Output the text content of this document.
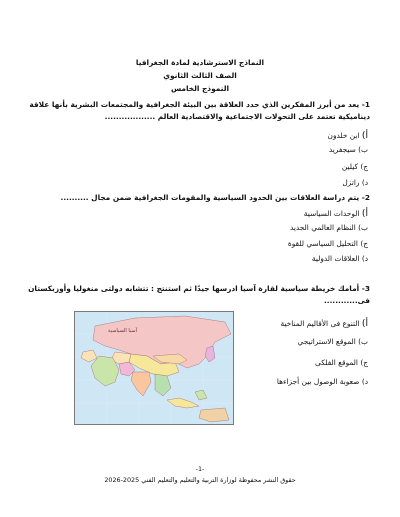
النماذج الاسترشادية لمادة الجغرافيا
الصف الثالث الثانوي
النموذج الخامس
1- يعد من أبرز المفكرين الذي حدد العلاقة بين البيئة الجغرافية والمجتمعات البشرية بأنها علاقة ديناميكية تعتمد على التحولات الاجتماعية والاقتصادية العالم ..................
أ) ابن خلدون
ب) سيجفريد
ج) كيلين
د) راتزل
2- يتم دراسة العلاقات بين الحدود السياسية والمقومات الجغرافية ضمن مجال ..........
أ) الوحدات السياسية
ب) النظام العالمي الجديد
ج) التحليل السياسي للقوة
د) العلاقات الدولية
3- أمامك خريطة سياسية لقارة آسيا ادرسها جيدًا ثم استنتج : تتشابه دولتى منغوليا وأوزبكستان فى............
آسيا السياسية
أ) التنوع فى الأقاليم المناخية
ب) الموقع الاستراتيجي
ج) الموقع الفلكى
د) صعوبة الوصول بين أجزاءها
-1-
حقوق النشر محفوظة لوزارة التربية والتعليم والتعليم الفني 2025-2026
